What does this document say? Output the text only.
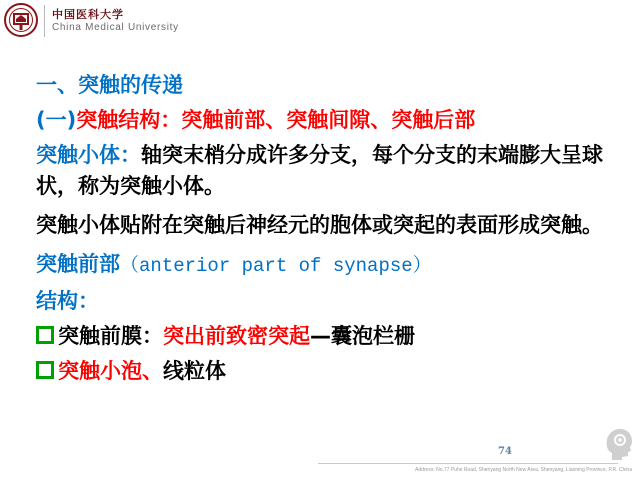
中国医科大学
China Medical University
一、突触的传递
(一)突触结构：突触前部、突触间隙、突触后部
突触小体：轴突末梢分成许多分支，每个分支的末端膨大呈球状，称为突触小体。
突触小体贴附在突触后神经元的胞体或突起的表面形成突触。
突触前部（anterior part of synapse）
结构：
突触前膜：突出前致密突起—囊泡栏栅
突触小泡、线粒体
74
Address: No.77 Puhe Road, Shenyang North New Area, Shenyang, Liaoning Province, P.R. China
